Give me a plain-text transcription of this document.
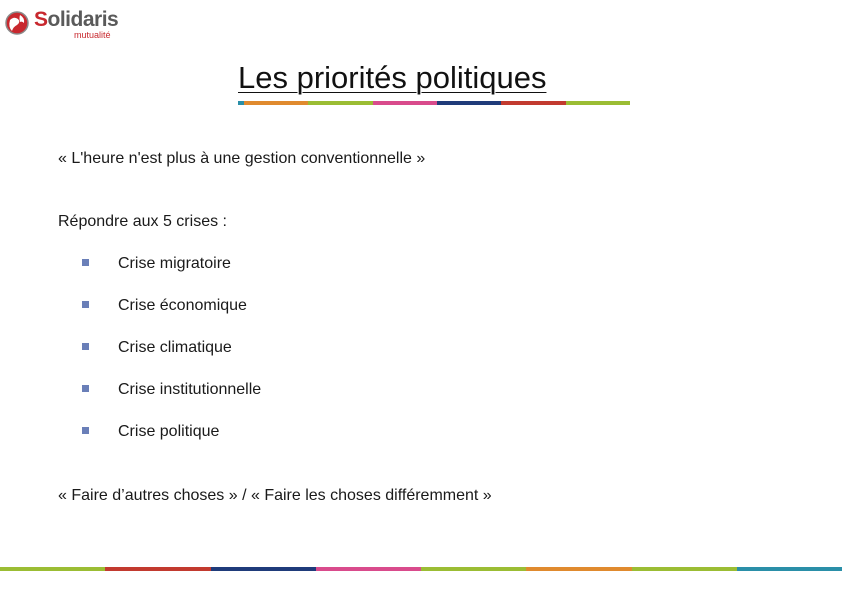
Solidaris
mutualité
Les priorités politiques
« L'heure n'est plus à une gestion conventionnelle »
Répondre aux 5 crises :
Crise migratoire
Crise économique
Crise climatique
Crise institutionnelle
Crise politique
« Faire d’autres choses » / « Faire les choses différemment »
